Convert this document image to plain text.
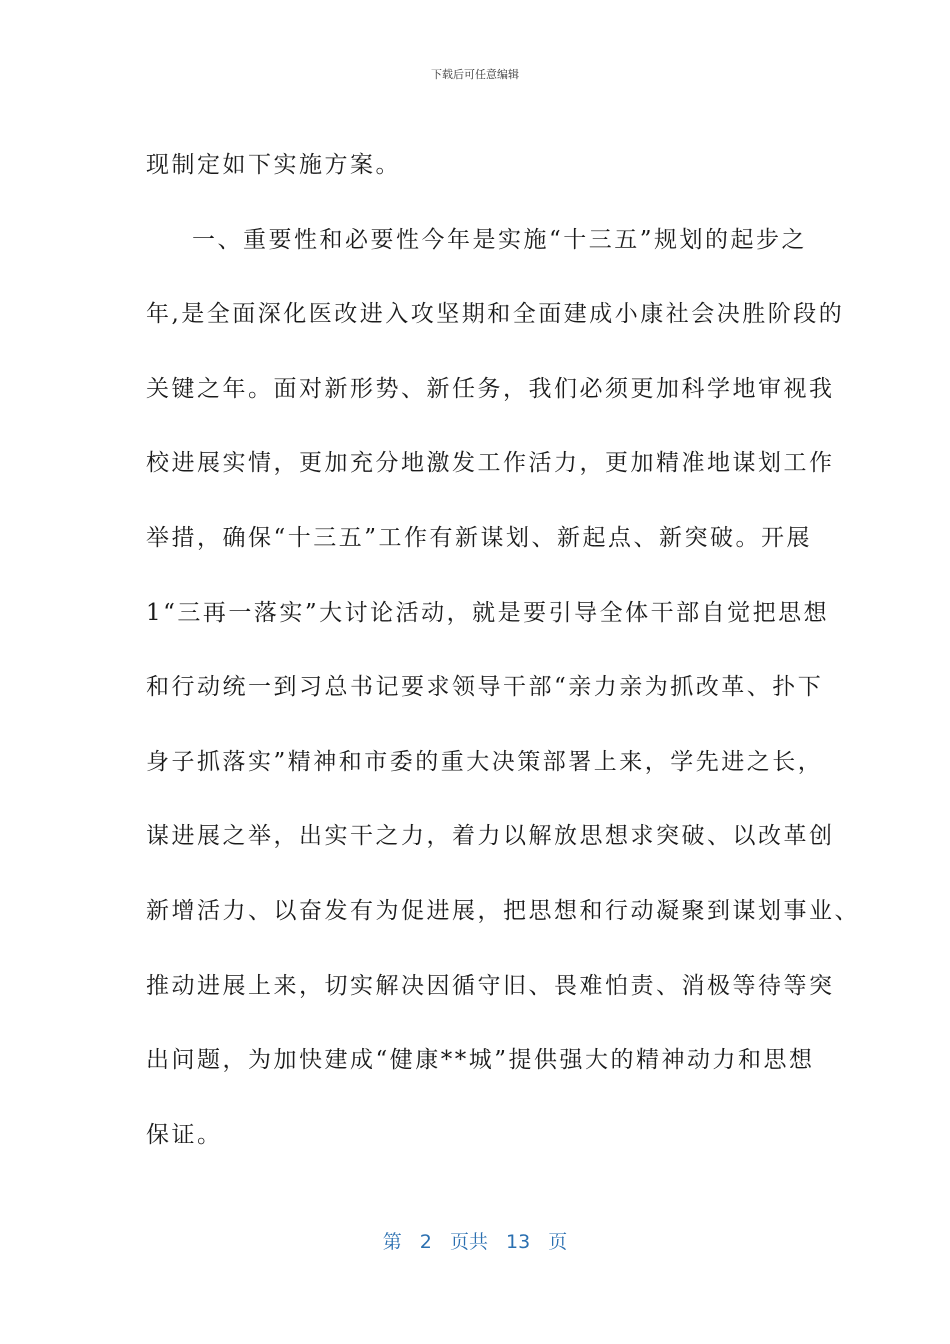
下载后可任意编辑
现制定如下实施方案。
一、重要性和必要性今年是实施“十三五”规划的起步之
年,是全面深化医改进入攻坚期和全面建成小康社会决胜阶段的
关键之年。面对新形势、新任务，我们必须更加科学地审视我
校进展实情，更加充分地激发工作活力，更加精准地谋划工作
举措，确保“十三五”工作有新谋划、新起点、新突破。开展
1“三再一落实”大讨论活动，就是要引导全体干部自觉把思想
和行动统一到习总书记要求领导干部“亲力亲为抓改革、扑下
身子抓落实”精神和市委的重大决策部署上来，学先进之长，
谋进展之举，出实干之力，着力以解放思想求突破、以改革创
新增活力、以奋发有为促进展，把思想和行动凝聚到谋划事业、
推动进展上来，切实解决因循守旧、畏难怕责、消极等待等突
出问题，为加快建成“健康**城”提供强大的精神动力和思想
保证。
第 2 页共 13 页
